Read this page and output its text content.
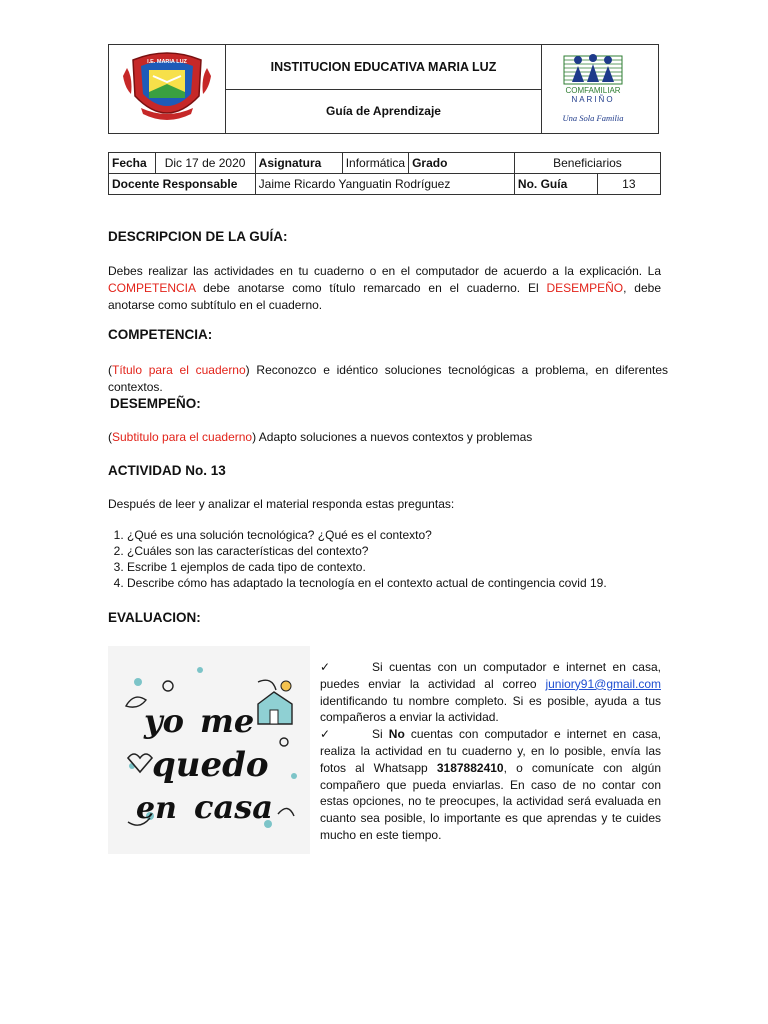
I.E. MARIA LUZ	INSTITUCION EDUCATIVA MARIA LUZ	
COMFAMILIAR
NARIÑO
Una Sola Familia

Guía de Aprendizaje
Fecha	Dic 17 de 2020	Asignatura	Informática	Grado	Beneficiarios	
Docente Responsable		Jaime Ricardo Yanguatin Rodríguez			No. Guía	13
DESCRIPCION DE LA GUÍA:

Debes realizar las actividades en tu cuaderno o en el computador de acuerdo a la explicación. La COMPETENCIA debe anotarse como título remarcado en el cuaderno. El DESEMPEÑO, debe anotarse como subtítulo en el cuaderno.

COMPETENCIA:

(Título para el cuaderno) Reconozco e idéntico soluciones tecnológicas a problema, en diferentes contextos.

DESEMPEÑO:

(Subtitulo para el cuaderno) Adapto soluciones a nuevos contextos y problemas

ACTIVIDAD No. 13

Después de leer y analizar el material responda estas preguntas:

1. ¿Qué es una solución tecnológica? ¿Qué es el contexto?
2. ¿Cuáles son las características del contexto?
3. Escribe 1 ejemplos de cada tipo de contexto.
4. Describe cómo has adaptado la tecnología en el contexto actual de contingencia covid 19.
EVALUACION:
yo me
quedo
en casa
✓	Si cuentas con un computador e internet en casa, puedes enviar la actividad al correo juniory91@gmail.com identificando tu nombre completo. Si es posible, ayuda a tus compañeros a enviar la actividad.
✓	Si No cuentas con computador e internet en casa, realiza la actividad en tu cuaderno y, en lo posible, envía las fotos al Whatsapp 3187882410, o comunícate con algún compañero que pueda enviarlas. En caso de no contar con estas opciones, no te preocupes, la actividad será evaluada en cuanto sea posible, lo importante es que aprendas y te cuides mucho en este tiempo.
